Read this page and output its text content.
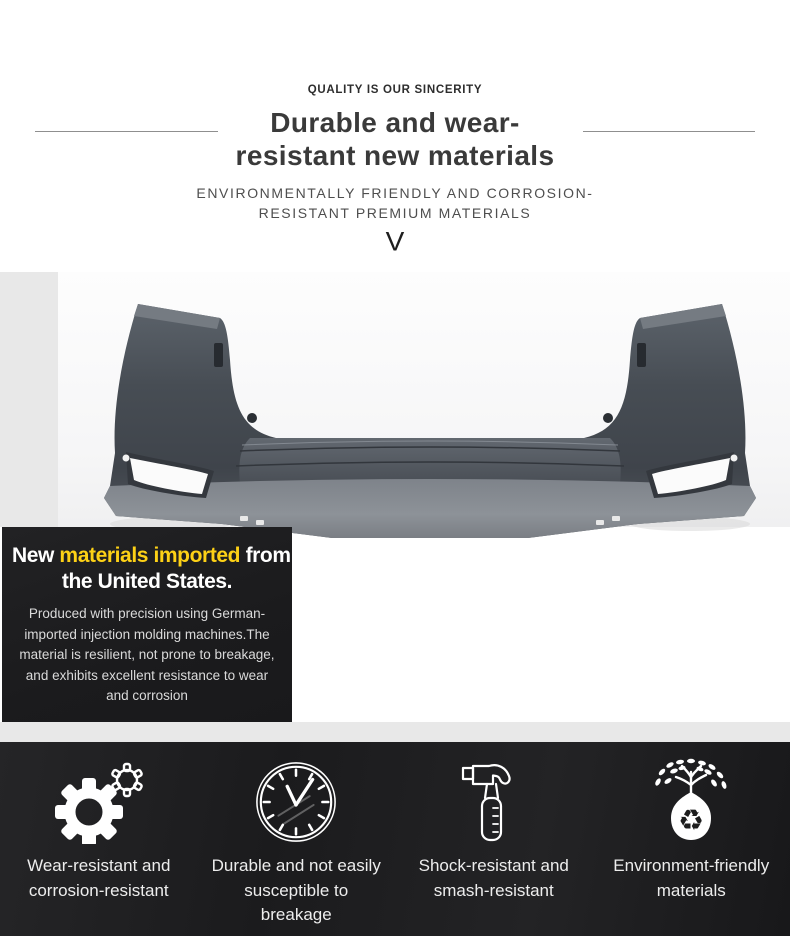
QUALITY IS OUR SINCERITY
Durable and wear-
resistant new materials
ENVIRONMENTALLY FRIENDLY AND CORROSION-
RESISTANT PREMIUM MATERIALS
V
New materials imported from
the United States.

Produced with precision using German-imported injection molding machines.The material is resilient, not prone to breakage, and exhibits excellent resistance to wear and corrosion

Wear-resistant and corrosion-resistant
Durable and not easily susceptible to breakage
Shock-resistant and smash-resistant
♻
Environment-friendly materials
